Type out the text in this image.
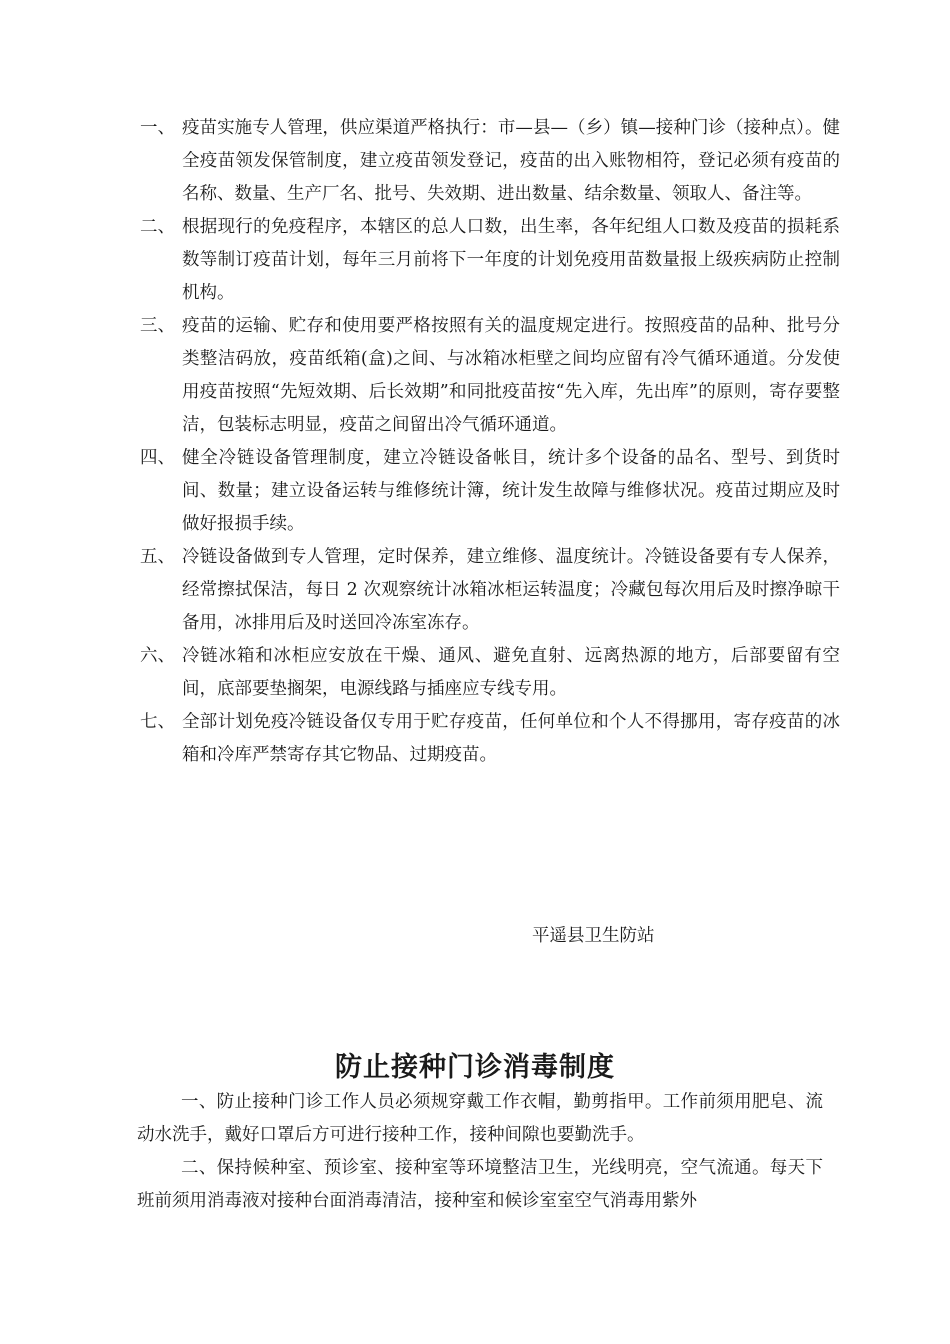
一、 疫苗实施专人管理，供应渠道严格执行：市—县—（乡）镇—接种门诊（接种点）。健全疫苗领发保管制度，建立疫苗领发登记，疫苗的出入账物相符，登记必须有疫苗的名称、数量、生产厂名、批号、失效期、进出数量、结余数量、领取人、备注等。
二、 根据现行的免疫程序，本辖区的总人口数，出生率，各年纪组人口数及疫苗的损耗系数等制订疫苗计划，每年三月前将下一年度的计划免疫用苗数量报上级疾病防止控制机构。
三、 疫苗的运输、贮存和使用要严格按照有关的温度规定进行。按照疫苗的品种、批号分类整洁码放，疫苗纸箱(盒)之间、与冰箱冰柜壁之间均应留有冷气循环通道。分发使用疫苗按照“先短效期、后长效期”和同批疫苗按“先入库，先出库”的原则，寄存要整洁，包装标志明显，疫苗之间留出冷气循环通道。
四、 健全冷链设备管理制度，建立冷链设备帐目，统计多个设备的品名、型号、到货时间、数量；建立设备运转与维修统计簿，统计发生故障与维修状况。疫苗过期应及时做好报损手续。
五、 冷链设备做到专人管理，定时保养，建立维修、温度统计。冷链设备要有专人保养，经常擦拭保洁，每日 2 次观察统计冰箱冰柜运转温度；冷藏包每次用后及时擦净晾干备用，冰排用后及时送回冷冻室冻存。
六、 冷链冰箱和冰柜应安放在干燥、通风、避免直射、远离热源的地方，后部要留有空间，底部要垫搁架，电源线路与插座应专线专用。
七、 全部计划免疫冷链设备仅专用于贮存疫苗，任何单位和个人不得挪用，寄存疫苗的冰箱和冷库严禁寄存其它物品、过期疫苗。
平遥县卫生防站
防止接种门诊消毒制度

一、防止接种门诊工作人员必须规穿戴工作衣帽，勤剪指甲。工作前须用肥皂、流动水洗手，戴好口罩后方可进行接种工作，接种间隙也要勤洗手。

二、保持候种室、预诊室、接种室等环境整洁卫生，光线明亮，空气流通。每天下班前须用消毒液对接种台面消毒清洁，接种室和候诊室室空气消毒用紫外
